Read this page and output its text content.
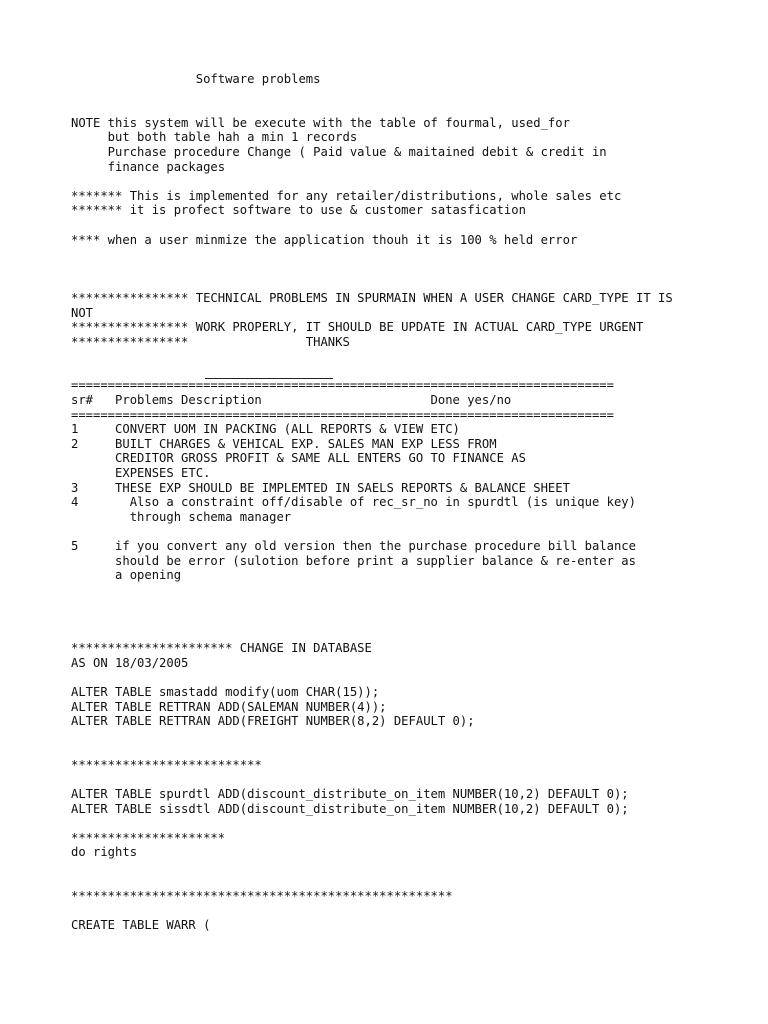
Software problems
NOTE this system will be execute with the table of fourmal, used_for
but both table hah a min 1 records
Purchase procedure Change ( Paid value & maitained debit & credit in
finance packages
******* This is implemented for any retailer/distributions, whole sales etc
******* it is profect software to use & customer satasfication
**** when a user minmize the application thouh it is 100 % held error
**************** TECHNICAL PROBLEMS IN SPURMAIN WHEN A USER CHANGE CARD_TYPE IT IS
NOT
**************** WORK PROPERLY, IT SHOULD BE UPDATE IN ACTUAL CARD_TYPE URGENT
****************                THANKS
==========================================================================
sr#   Problems Description                       Done yes/no
==========================================================================
1     CONVERT UOM IN PACKING (ALL REPORTS & VIEW ETC)
2     BUILT CHARGES & VEHICAL EXP. SALES MAN EXP LESS FROM
CREDITOR GROSS PROFIT & SAME ALL ENTERS GO TO FINANCE AS
EXPENSES ETC.
3     THESE EXP SHOULD BE IMPLEMTED IN SAELS REPORTS & BALANCE SHEET
4       Also a constraint off/disable of rec_sr_no in spurdtl (is unique key)
through schema manager
5     if you convert any old version then the purchase procedure bill balance
should be error (sulotion before print a supplier balance & re-enter as
a opening
********************** CHANGE IN DATABASE
AS ON 18/03/2005
ALTER TABLE smastadd modify(uom CHAR(15));
ALTER TABLE RETTRAN ADD(SALEMAN NUMBER(4));
ALTER TABLE RETTRAN ADD(FREIGHT NUMBER(8,2) DEFAULT 0);
**************************
ALTER TABLE spurdtl ADD(discount_distribute_on_item NUMBER(10,2) DEFAULT 0);
ALTER TABLE sissdtl ADD(discount_distribute_on_item NUMBER(10,2) DEFAULT 0);
*********************
do rights
****************************************************
CREATE TABLE WARR (
